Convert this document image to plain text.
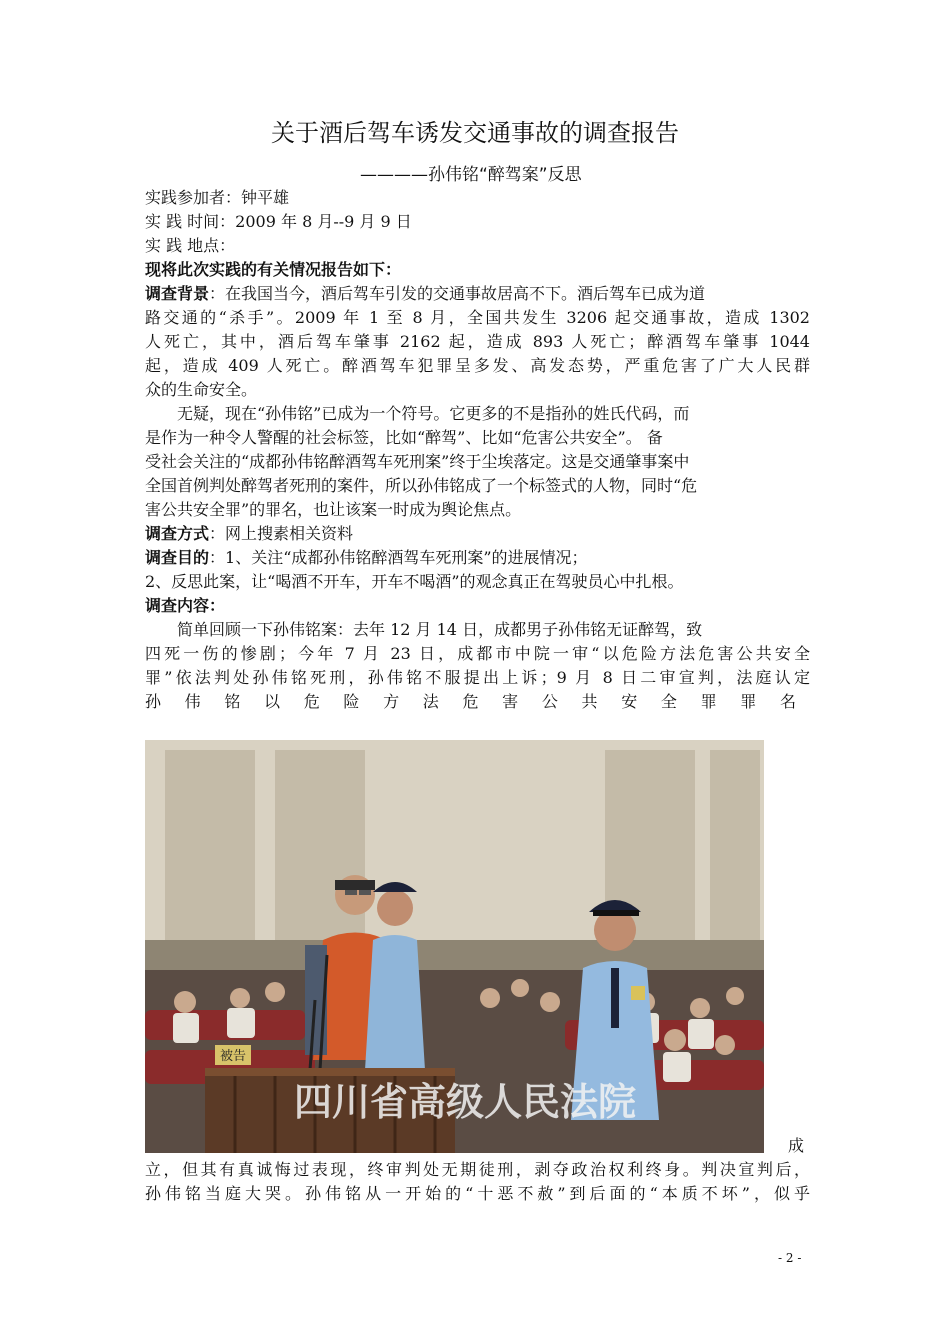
关于酒后驾车诱发交通事故的调查报告
————孙伟铭“醉驾案”反思
实践参加者：钟平雄
实 践 时间：2009 年 8 月--9 月 9 日
实 践 地点：
现将此次实践的有关情况报告如下：
调查背景：在我国当今，酒后驾车引发的交通事故居高不下。酒后驾车已成为道
路交通的“杀手”。2009 年 1 至 8 月，全国共发生 3206 起交通事故，造成 1302
人死亡，其中，酒后驾车肇事 2162 起，造成 893 人死亡；醉酒驾车肇事 1044
起，造成 409 人死亡。醉酒驾车犯罪呈多发、高发态势，严重危害了广大人民群
众的生命安全。
无疑，现在“孙伟铭”已成为一个符号。它更多的不是指孙的姓氏代码，而
是作为一种令人警醒的社会标签，比如“醉驾”、比如“危害公共安全”。 备
受社会关注的“成都孙伟铭醉酒驾车死刑案”终于尘埃落定。这是交通肇事案中
全国首例判处醉驾者死刑的案件，所以孙伟铭成了一个标签式的人物，同时“危
害公共安全罪”的罪名，也让该案一时成为舆论焦点。
调查方式：网上搜素相关资料
调查目的：1、关注“成都孙伟铭醉酒驾车死刑案”的进展情况；
2、反思此案，让“喝酒不开车，开车不喝酒”的观念真正在驾驶员心中扎根。
调查内容：
简单回顾一下孙伟铭案：去年 12 月 14 日，成都男子孙伟铭无证醉驾，致
四死一伤的惨剧；今年 7 月 23 日，成都市中院一审“以危险方法危害公共安全
罪”依法判处孙伟铭死刑，孙伟铭不服提出上诉；9 月 8 日二审宣判，法庭认定
孙伟铭以危险方法危害公共安全罪罪名
被告
四川省高级人民法院
成
立，但其有真诚悔过表现，终审判处无期徒刑，剥夺政治权利终身。判决宣判后，
孙伟铭当庭大哭。孙伟铭从一开始的“十恶不赦”到后面的“本质不坏”，似乎
- 2 -
